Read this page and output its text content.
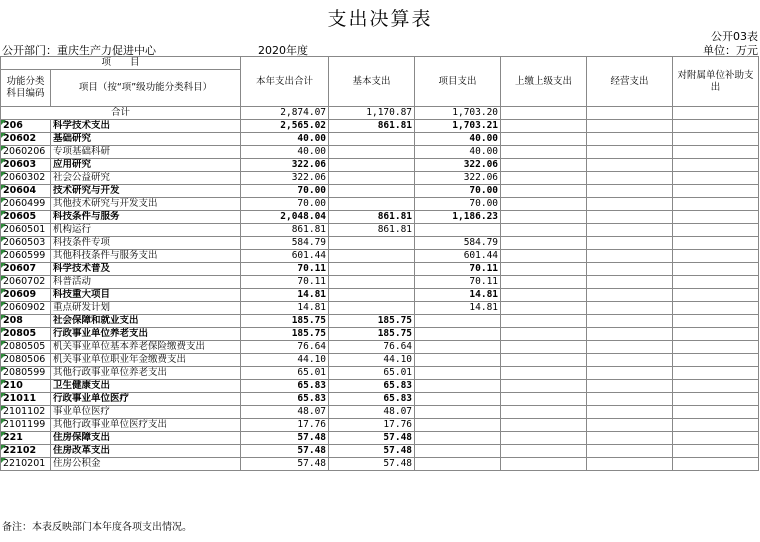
支出决算表
公开03表
公开部门：重庆生产力促进中心	2020年度	单位：万元
项　　目		本年支出合计	基本支出	项目支出	上缴上级支出	经营支出	对附属单位补助支出
功能分类科目编码	项目（按“项”级功能分类科目）						

合计		2,874.07	1,170.87	1,703.20			
206	科学技术支出	2,565.02	861.81	1,703.21			
20602	基础研究	40.00		40.00			
2060206	专项基础科研	40.00		40.00			
20603	应用研究	322.06		322.06			
2060302	社会公益研究	322.06		322.06			
20604	技术研究与开发	70.00		70.00			
2060499	其他技术研究与开发支出	70.00		70.00			
20605	科技条件与服务	2,048.04	861.81	1,186.23			
2060501	机构运行	861.81	861.81				
2060503	科技条件专项	584.79		584.79			
2060599	其他科技条件与服务支出	601.44		601.44			
20607	科学技术普及	70.11		70.11			
2060702	科普活动	70.11		70.11			
20609	科技重大项目	14.81		14.81			
2060902	重点研发计划	14.81		14.81			
208	社会保障和就业支出	185.75	185.75				
20805	行政事业单位养老支出	185.75	185.75				
2080505	机关事业单位基本养老保险缴费支出	76.64	76.64				
2080506	机关事业单位职业年金缴费支出	44.10	44.10				
2080599	其他行政事业单位养老支出	65.01	65.01				
210	卫生健康支出	65.83	65.83				
21011	行政事业单位医疗	65.83	65.83				
2101102	事业单位医疗	48.07	48.07				
2101199	其他行政事业单位医疗支出	17.76	17.76				
221	住房保障支出	57.48	57.48				
22102	住房改革支出	57.48	57.48				
2210201	住房公积金	57.48	57.48				
备注：本表反映部门本年度各项支出情况。
